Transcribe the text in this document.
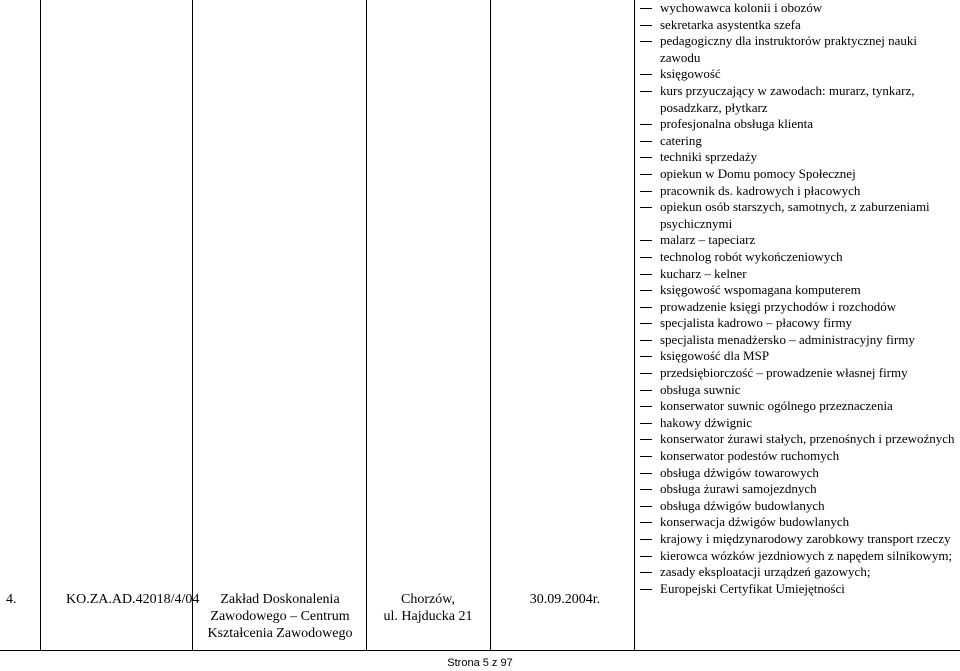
4.	KO.ZA.AD.42018/4/04	Zakład Doskonalenia Zawodowego – Centrum Kształcenia Zawodowego
Chorzów,
ul. Hajducka 21
30.09.2004r.
wychowawca kolonii i obozów
sekretarka asystentka szefa
pedagogiczny dla instruktorów praktycznej nauki zawodu
księgowość
kurs przyuczający w zawodach: murarz, tynkarz, posadzkarz, płytkarz
profesjonalna obsługa klienta
catering
techniki sprzedaży
opiekun w Domu pomocy Społecznej
pracownik ds. kadrowych i płacowych
opiekun osób starszych, samotnych, z zaburzeniami psychicznymi
malarz – tapeciarz
technolog robót wykończeniowych
kucharz – kelner
księgowość wspomagana komputerem
prowadzenie księgi przychodów i rozchodów
specjalista kadrowo – płacowy firmy
specjalista menadżersko – administracyjny firmy
księgowość dla MSP
przedsiębiorczość – prowadzenie własnej firmy
obsługa suwnic
konserwator suwnic ogólnego przeznaczenia
hakowy dźwignic
konserwator żurawi stałych, przenośnych i przewoźnych
konserwator podestów ruchomych
obsługa dźwigów towarowych
obsługa żurawi samojezdnych
obsługa dźwigów budowlanych
konserwacja dźwigów budowlanych
krajowy i międzynarodowy zarobkowy transport rzeczy
kierowca wózków jezdniowych z napędem silnikowym;
zasady eksploatacji urządzeń gazowych;
Europejski Certyfikat Umiejętności
Strona 5 z 97
